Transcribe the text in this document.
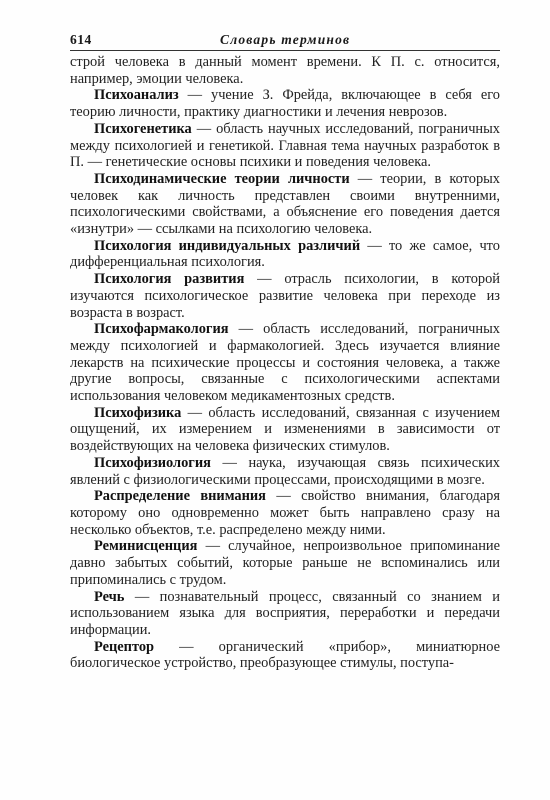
614	Словарь терминов

строй человека в данный момент времени. К П. с. относится, например, эмоции человека.

Психоанализ — учение З. Фрейда, включающее в себя его теорию личности, практику диагностики и лечения неврозов.

Психогенетика — область научных исследований, пограничных между психологией и генетикой. Главная тема научных разработок в П. — генетические основы психики и поведения человека.

Психодинамические теории личности — теории, в которых человек как личность представлен своими внутренними, психологическими свойствами, а объяснение его поведения дается «изнутри» — ссылками на психологию человека.

Психология индивидуальных различий — то же самое, что дифференциальная психология.

Психология развития — отрасль психологии, в которой изучаются психологическое развитие человека при переходе из возраста в возраст.

Психофармакология — область исследований, пограничных между психологией и фармакологией. Здесь изучается влияние лекарств на психические процессы и состояния человека, а также другие вопросы, связанные с психологическими аспектами использования человеком медикаментозных средств.

Психофизика — область исследований, связанная с изучением ощущений, их измерением и изменениями в зависимости от воздействующих на человека физических стимулов.

Психофизиология — наука, изучающая связь психических явлений с физиологическими процессами, происходящими в мозге.

Распределение внимания — свойство внимания, благодаря которому оно одновременно может быть направлено сразу на несколько объектов, т.е. распределено между ними.

Реминисценция — случайное, непроизвольное припоминание давно забытых событий, которые раньше не вспоминались или припоминались с трудом.

Речь — познавательный процесс, связанный со знанием и использованием языка для восприятия, переработки и передачи информации.

Рецептор — органический «прибор», миниатюрное биологическое устройство, преобразующее стимулы, поступа-
